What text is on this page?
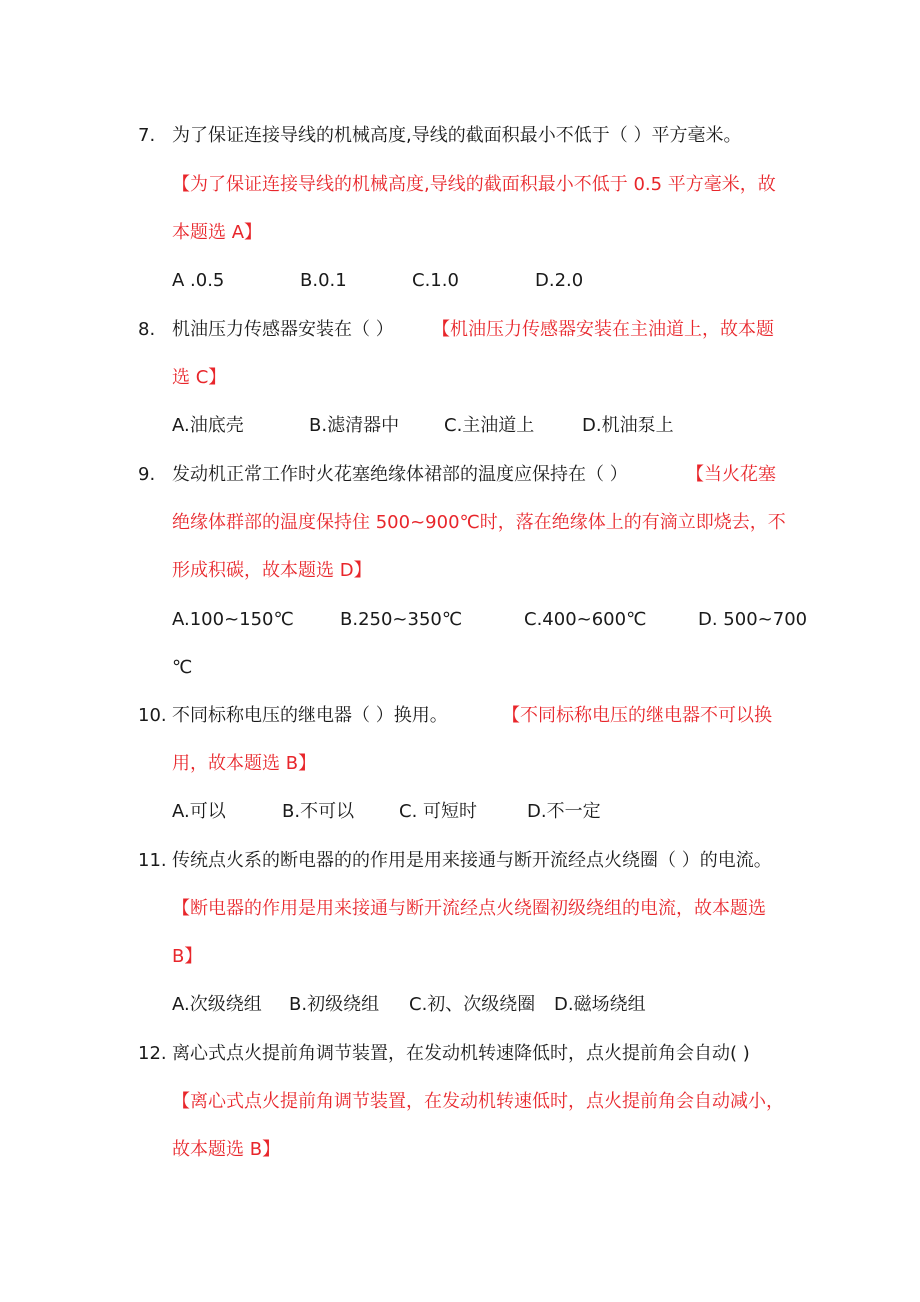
7. 为了保证连接导线的机械高度,导线的截面积最小不低于（ ）平方毫米。
【为了保证连接导线的机械高度,导线的截面积最小不低于 0.5 平方毫米，故
本题选 A】
A .0.5	B.0.1	C.1.0	D.2.0
8. 机油压力传感器安装在（ ） 【机油压力传感器安装在主油道上，故本题
选 C】
A.油底壳	B.滤清器中 C.主油道上	D.机油泵上
9. 发动机正常工作时火花塞绝缘体裙部的温度应保持在（ ）	【当火花塞
绝缘体群部的温度保持住 500~900℃时，落在绝缘体上的有滴立即烧去，不
形成积碳，故本题选 D】
A.100~150℃	B.250~350℃	C.400~600℃	D. 500~700
℃
10. 不同标称电压的继电器（ ）换用。	【不同标称电压的继电器不可以换
用，故本题选 B】
A.可以	B.不可以 C. 可短时	D.不一定
11. 传统点火系的断电器的的作用是用来接通与断开流经点火绕圈（ ）的电流。
【断电器的作用是用来接通与断开流经点火绕圈初级绕组的电流，故本题选
B】
A.次级绕组 B.初级绕组 C.初、次级绕圈 D.磁场绕组
12. 离心式点火提前角调节装置，在发动机转速降低时，点火提前角会自动( )
【离心式点火提前角调节装置，在发动机转速低时，点火提前角会自动减小，
故本题选 B】
